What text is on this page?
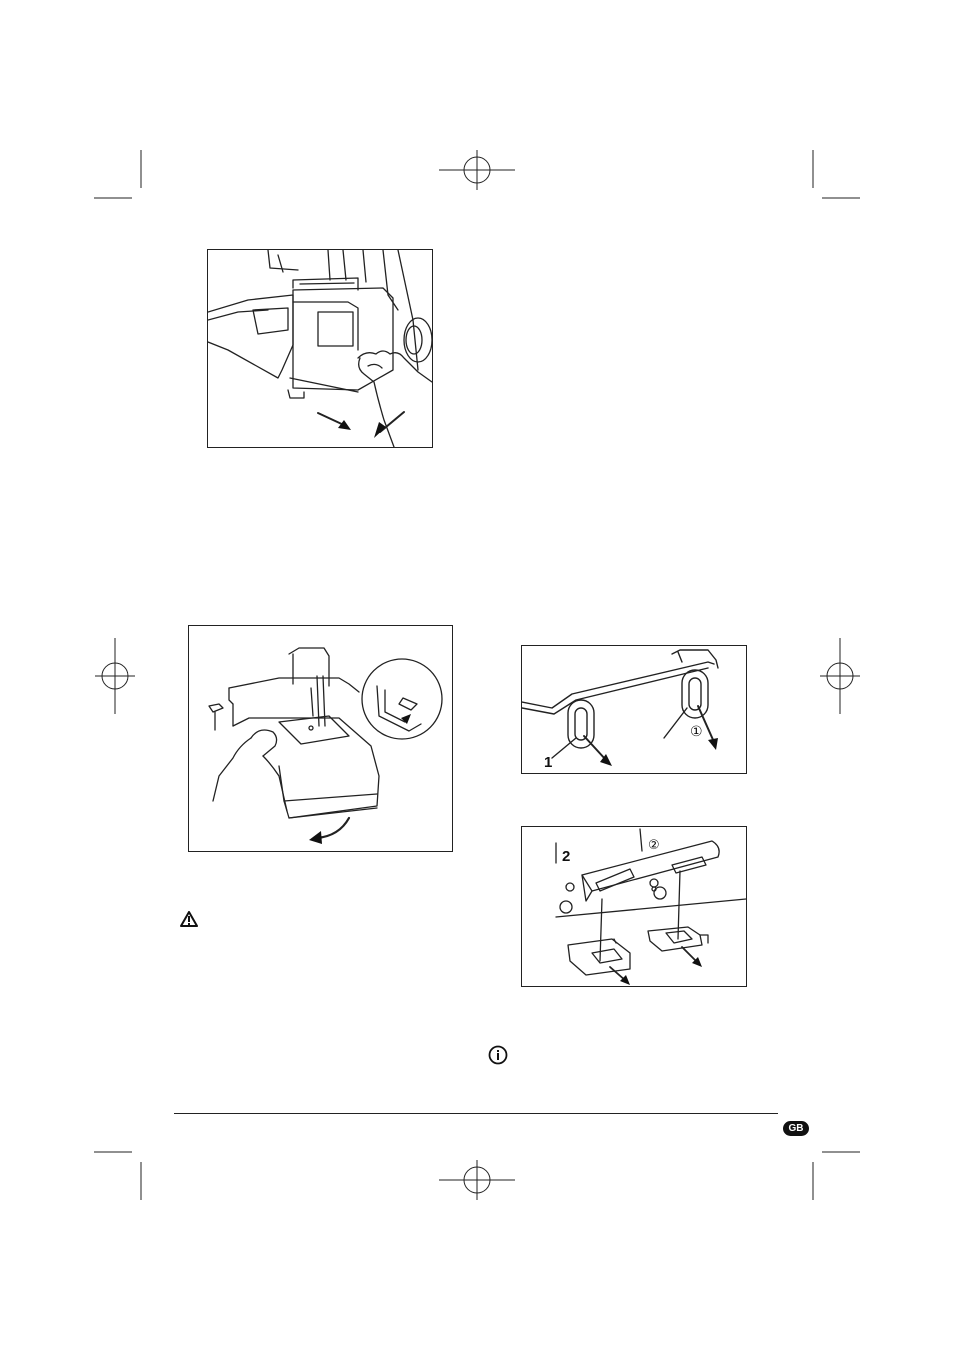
1
①
2
②
GB
